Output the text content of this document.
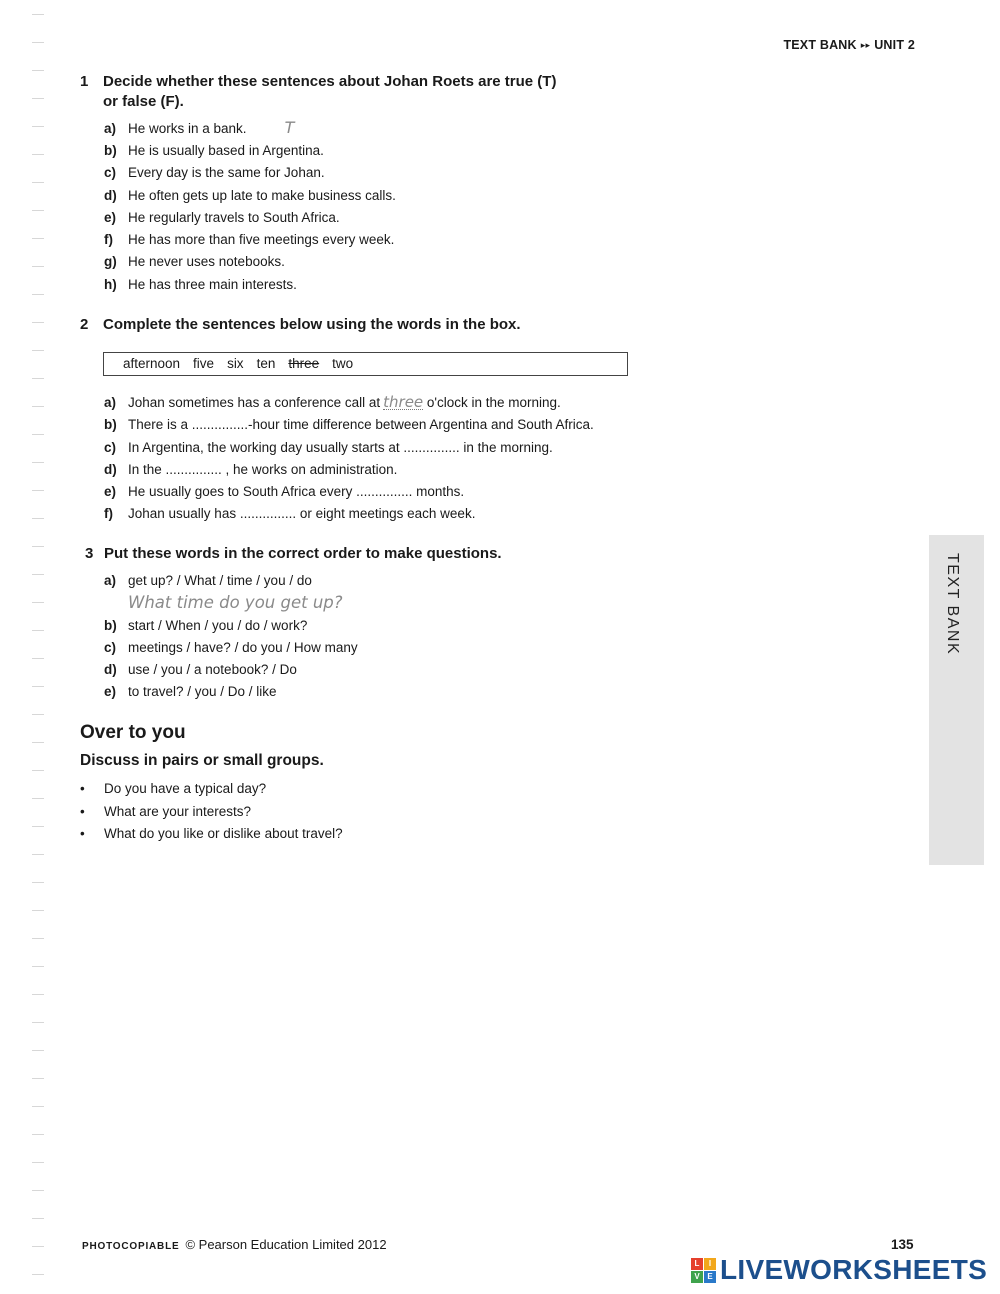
TEXT BANK ▸▸ UNIT 2
1 Decide whether these sentences about Johan Roets are true (T)
or false (F).
a) He works in a bank. T
b) He is usually based in Argentina.
c) Every day is the same for Johan.
d) He often gets up late to make business calls.
e) He regularly travels to South Africa.
f) He has more than five meetings every week.
g) He never uses notebooks.
h) He has three main interests.
2 Complete the sentences below using the words in the box.
afternoon five six ten three two
a) Johan sometimes has a conference call at three o'clock in the morning.
b) There is a ...............-hour time difference between Argentina and South Africa.
c) In Argentina, the working day usually starts at ............... in the morning.
d) In the ............... , he works on administration.
e) He usually goes to South Africa every ............... months.
f) Johan usually has ............... or eight meetings each week.
3 Put these words in the correct order to make questions.
a) get up? / What / time / you / do
What time do you get up?
b) start / When / you / do / work?
c) meetings / have? / do you / How many
d) use / you / a notebook? / Do
e) to travel? / you / Do / like
Over to you
Discuss in pairs or small groups.
• Do you have a typical day?
• What are your interests?
• What do you like or dislike about travel?
TEXT BANK
PHOTOCOPIABLE © Pearson Education Limited 2012	135
L	I
V E LIVEWORKSHEETS
